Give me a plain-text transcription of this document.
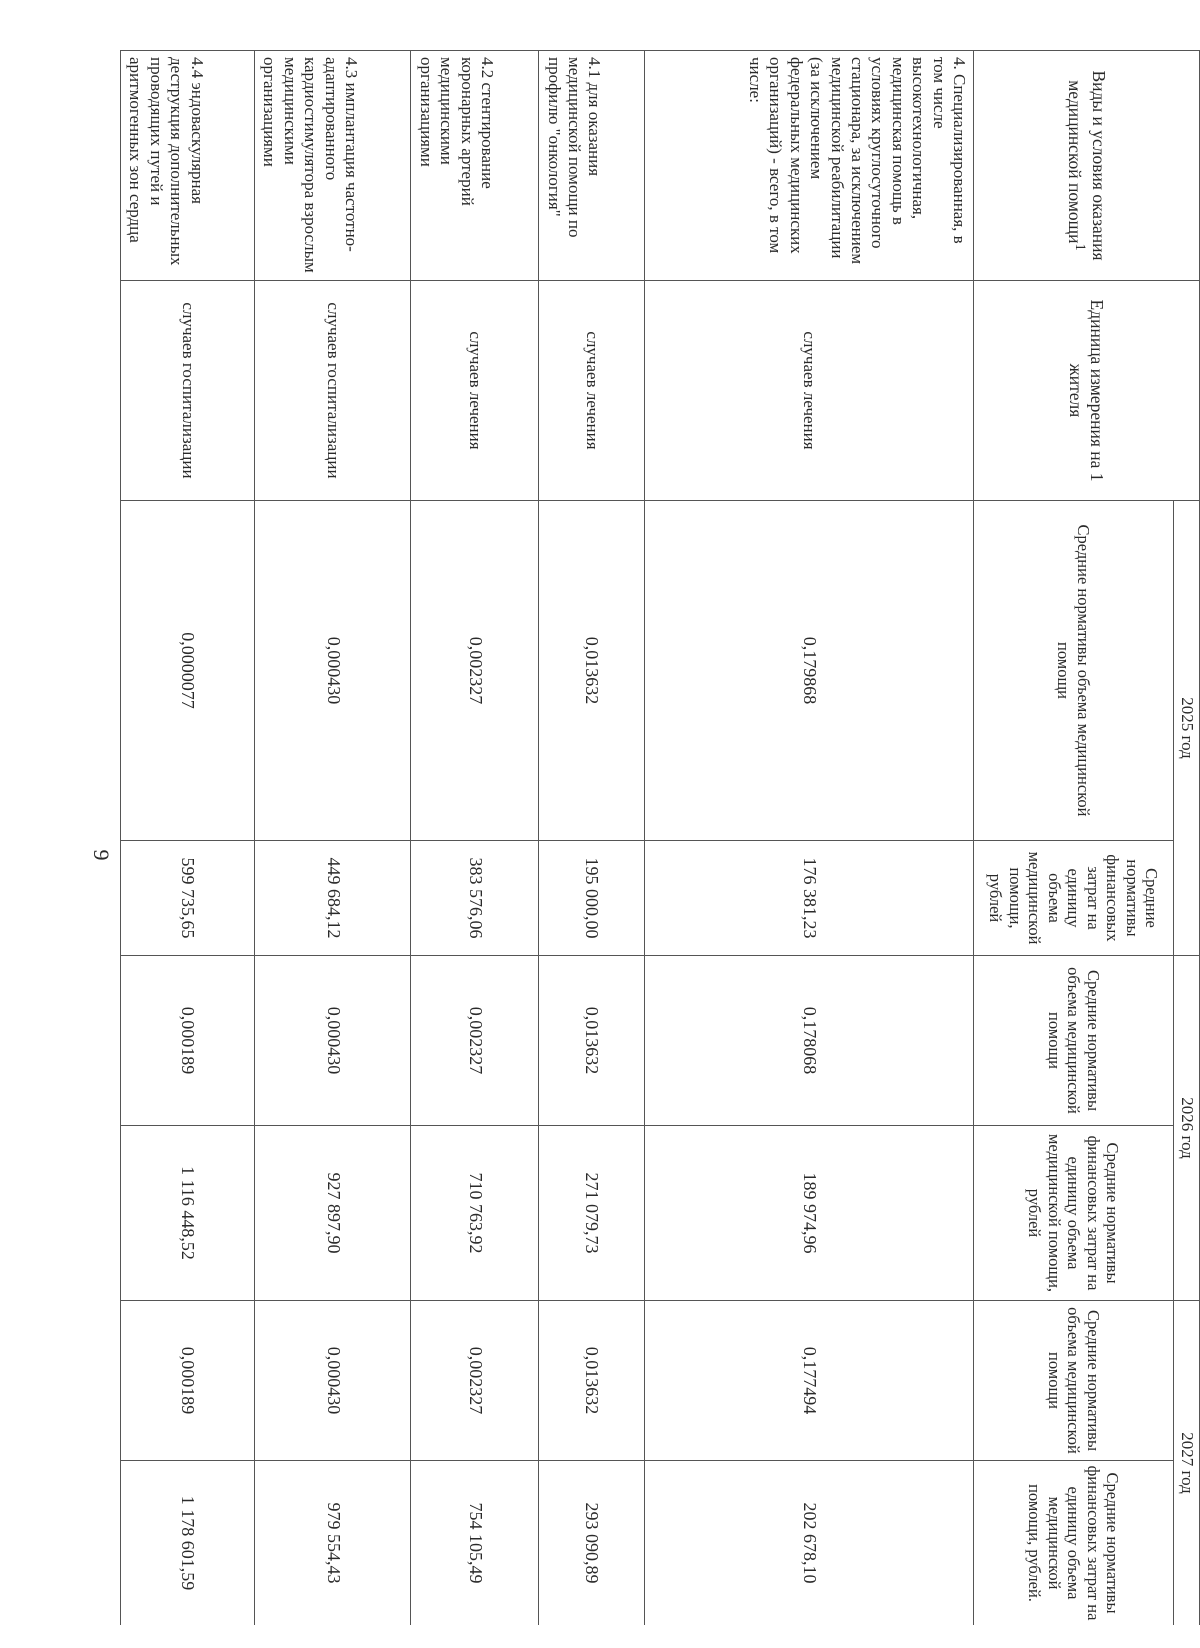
9
Виды и условия оказания медицинской помощи$^1$	Единица измерения на 1 жителя	2025 год		2026 год		2027 год	
		Средние нормативы объема медицинской помощи	Средние нормативы финансовых затрат на единицу объема медицинской помощи, рублей	Средние нормативы объема медицинской помощи	Средние нормативы финансовых затрат на единицу объема медицинской помощи, рублей	Средние нормативы объема медицинской помощи	Средние нормативы финансовых затрат на единицу объема медицинской помощи, рублей.
4. Специализированная, в том числе высокотехнологичная, медицинская помощь в условиях круглосуточного стационара, за исключением медицинской реабилитации (за исключением федеральных медицинских организаций) - всего, в том числе:	случаев лечения	0,179868	176 381,23	0,178068	189 974,96	0,177494	202 678,10
4.1 для оказания медицинской помощи по профилю "онкология"	случаев лечения	0,013632	195 000,00	0,013632	271 079,73	0,013632	293 090,89
4.2 стентирование коронарных артерий медицинскими организациями	случаев лечения	0,002327	383 576,06	0,002327	710 763,92	0,002327	754 105,49
4.3 имплантация частотно-адаптированного кардиостимулятора взрослым медицинскими организациями	случаев госпитализации	0,000430	449 684,12	0,000430	927 897,90	0,000430	979 554,43
4.4 эндоваскулярная деструкция дополнительных проводящих путей и аритмогенных зон сердца	случаев госпитализации	0,0000077	599 735,65	0,000189	1 116 448,52	0,000189	1 178 601,59
